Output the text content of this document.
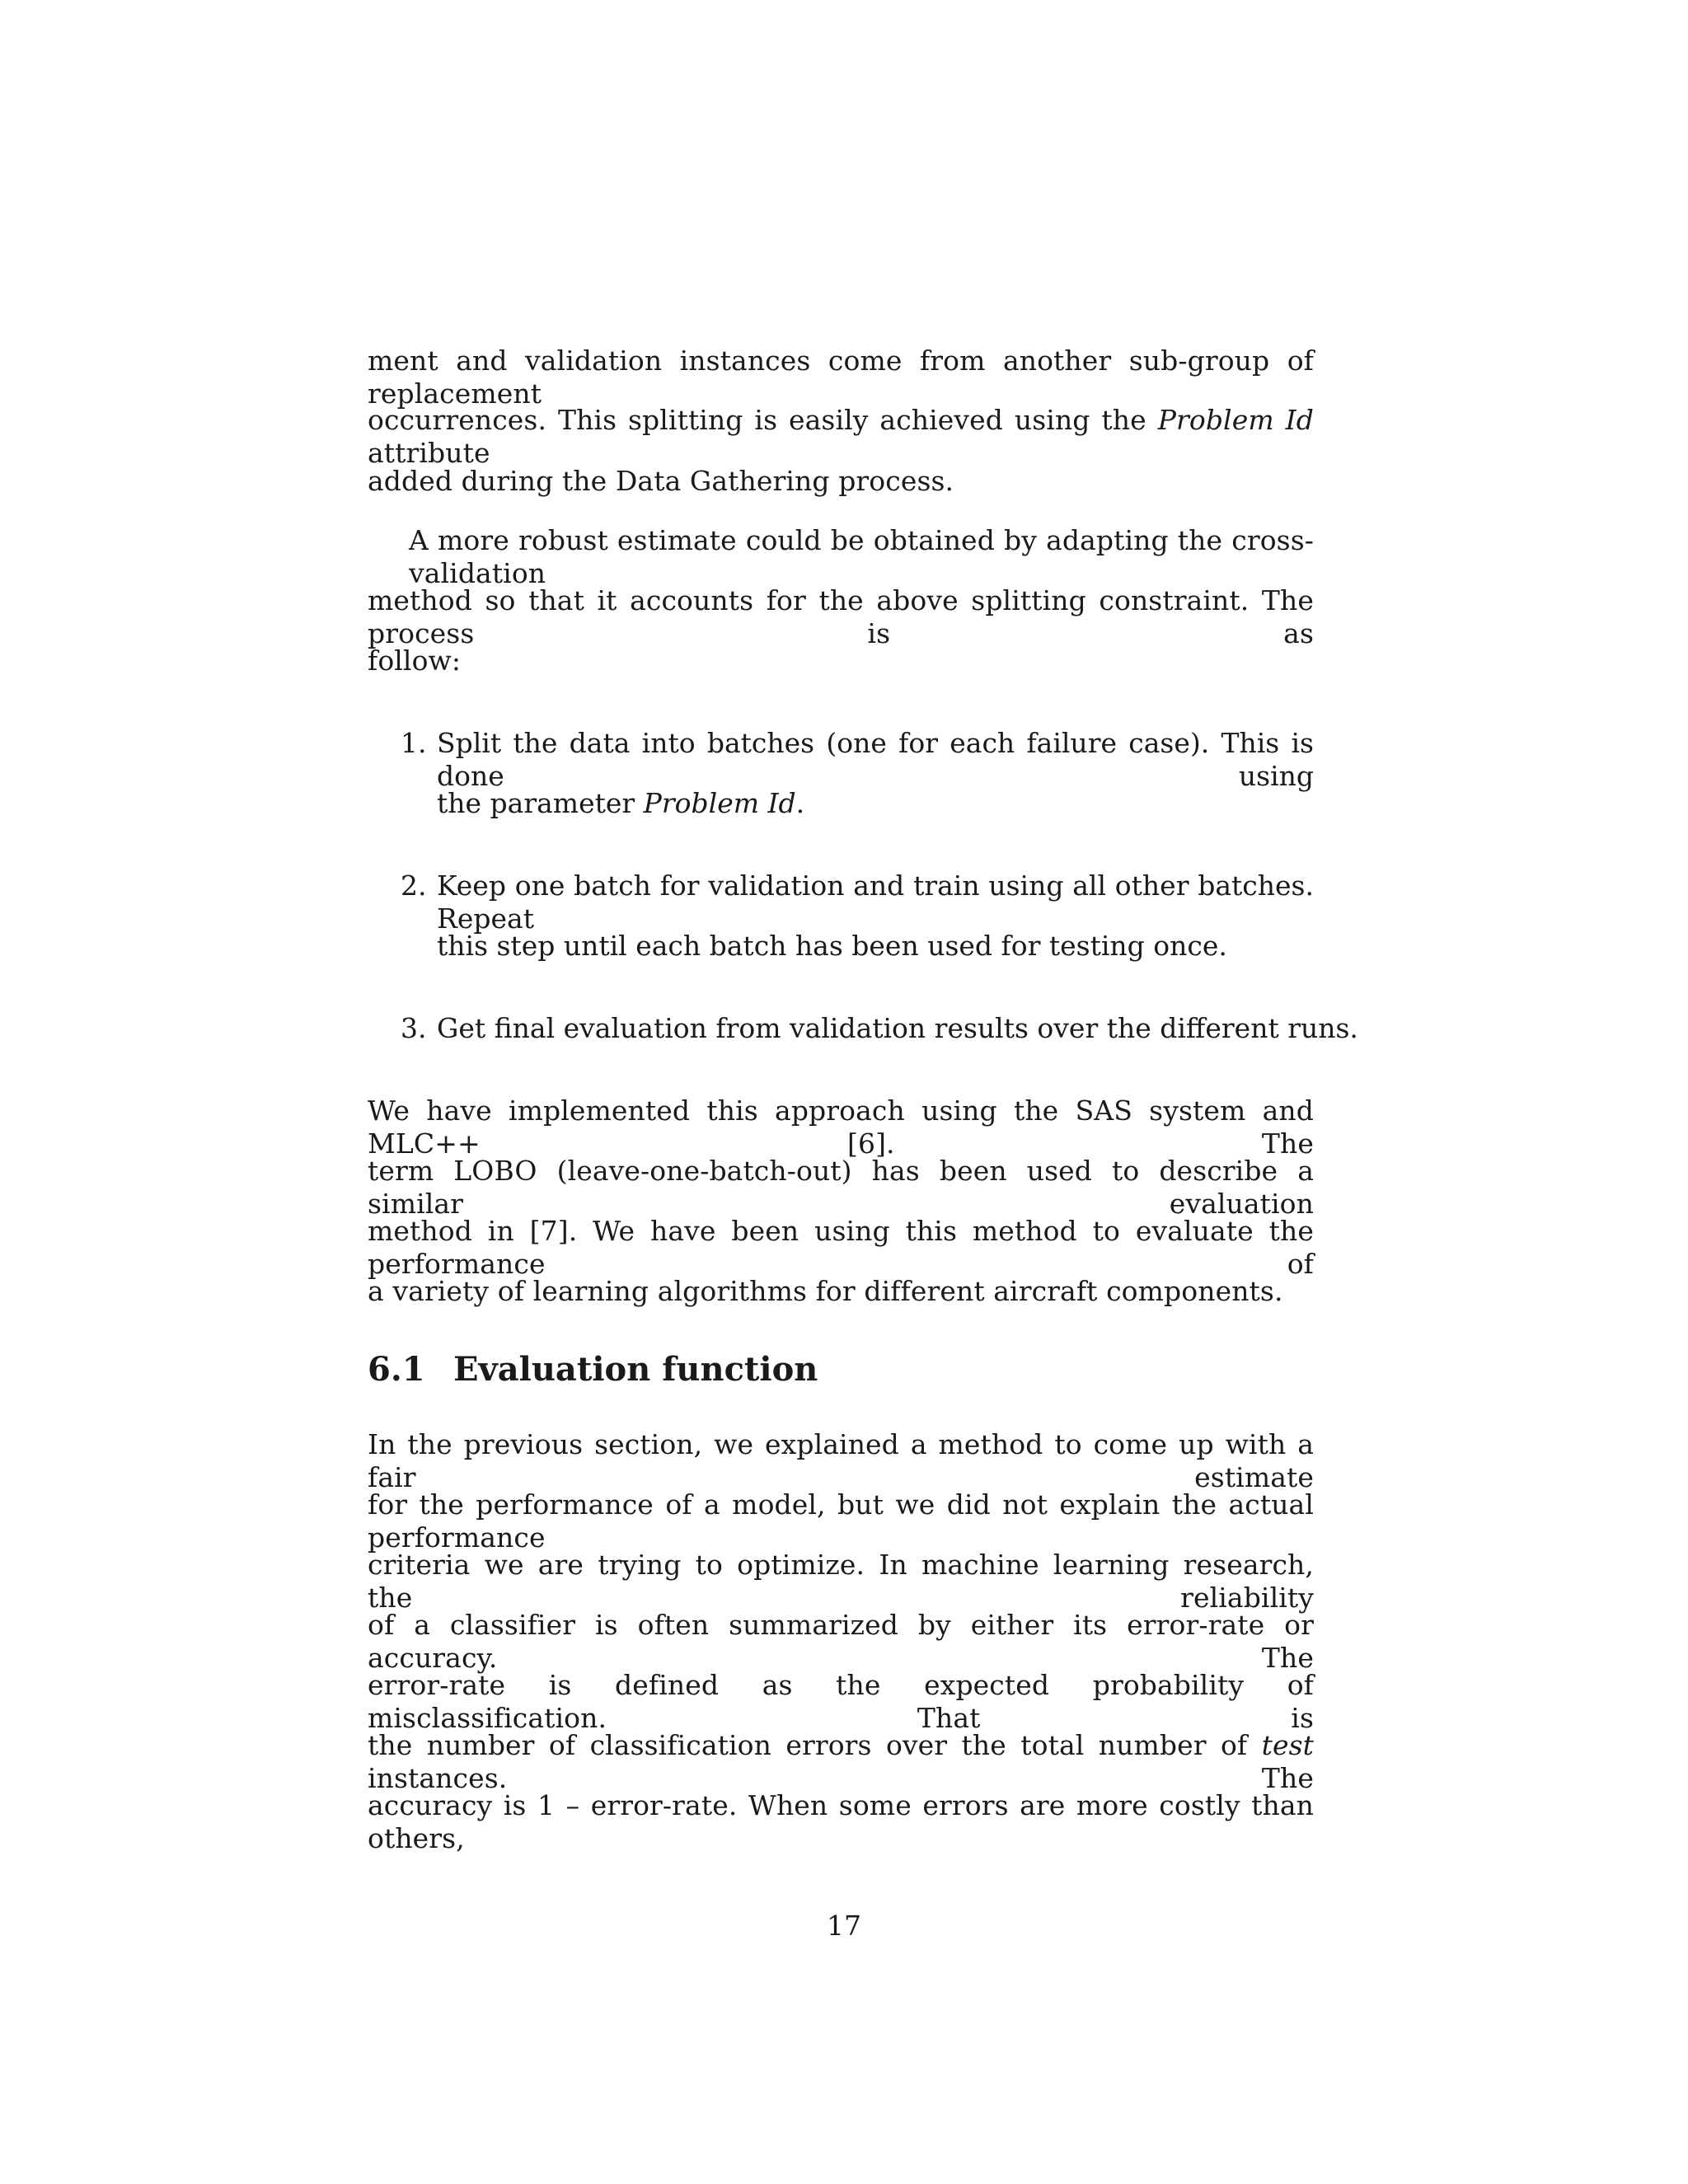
ment and validation instances come from another sub-group of replacement
occurrences. This splitting is easily achieved using the Problem Id attribute
added during the Data Gathering process.
A more robust estimate could be obtained by adapting the cross-validation
method so that it accounts for the above splitting constraint. The process is as
follow:
1. Split the data into batches (one for each failure case). This is done using
the parameter Problem Id.
2. Keep one batch for validation and train using all other batches. Repeat
this step until each batch has been used for testing once.
3. Get final evaluation from validation results over the different runs.
We have implemented this approach using the SAS system and MLC++ [6]. The
term LOBO (leave-one-batch-out) has been used to describe a similar evaluation
method in [7]. We have been using this method to evaluate the performance of
a variety of learning algorithms for different aircraft components.
6.1 Evaluation function
In the previous section, we explained a method to come up with a fair estimate
for the performance of a model, but we did not explain the actual performance
criteria we are trying to optimize. In machine learning research, the reliability
of a classifier is often summarized by either its error-rate or accuracy. The
error-rate is defined as the expected probability of misclassification. That is
the number of classification errors over the total number of test instances. The
accuracy is 1 – error-rate. When some errors are more costly than others,
17
